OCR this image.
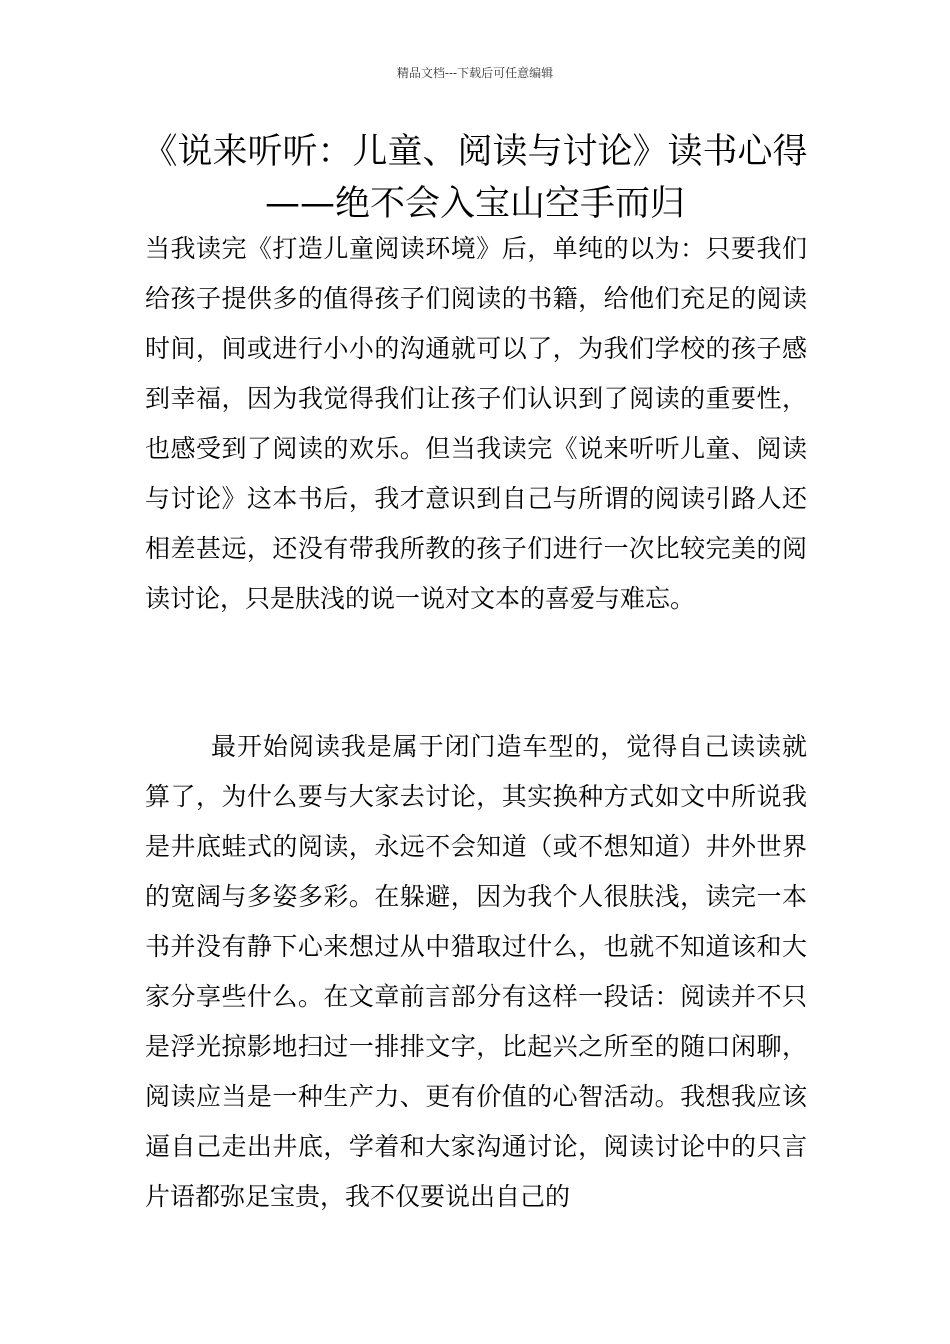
精品文档---下载后可任意编辑
《说来听听：儿童、阅读与讨论》读书心得——绝不会入宝山空手而归

当我读完《打造儿童阅读环境》后，单纯的以为：只要我们给孩子提供多的值得孩子们阅读的书籍，给他们充足的阅读时间，间或进行小小的沟通就可以了，为我们学校的孩子感到幸福，因为我觉得我们让孩子们认识到了阅读的重要性，也感受到了阅读的欢乐。但当我读完《说来听听儿童、阅读与讨论》这本书后，我才意识到自己与所谓的阅读引路人还相差甚远，还没有带我所教的孩子们进行一次比较完美的阅读讨论，只是肤浅的说一说对文本的喜爱与难忘。

最开始阅读我是属于闭门造车型的，觉得自己读读就算了，为什么要与大家去讨论，其实换种方式如文中所说我是井底蛙式的阅读，永远不会知道（或不想知道）井外世界的宽阔与多姿多彩。在躲避，因为我个人很肤浅，读完一本书并没有静下心来想过从中猎取过什么，也就不知道该和大家分享些什么。在文章前言部分有这样一段话：阅读并不只是浮光掠影地扫过一排排文字，比起兴之所至的随口闲聊，阅读应当是一种生产力、更有价值的心智活动。我想我应该逼自己走出井底，学着和大家沟通讨论，阅读讨论中的只言片语都弥足宝贵，我不仅要说出自己的
